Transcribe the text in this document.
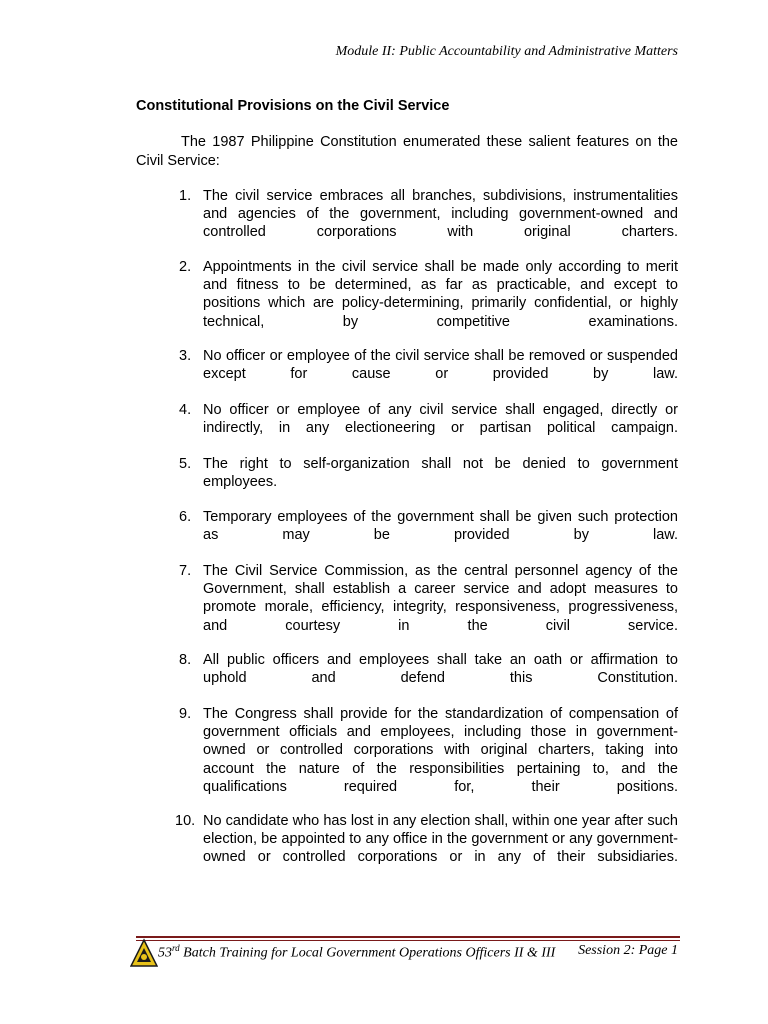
Module II: Public Accountability and Administrative Matters
Constitutional Provisions on the Civil Service

The 1987 Philippine Constitution enumerated these salient features on the Civil Service:

1. The civil service embraces all branches, subdivisions, instrumentalities and agencies of the government, including government-owned and controlled corporations with original charters.
2. Appointments in the civil service shall be made only according to merit and fitness to be determined, as far as practicable, and except to positions which are policy-determining, primarily confidential, or highly technical, by competitive examinations.
3. No officer or employee of the civil service shall be removed or suspended except for cause or provided by law.
4. No officer or employee of any civil service shall engaged, directly or indirectly, in any electioneering or partisan political campaign.
5. The right to self-organization shall not be denied to government employees.
6. Temporary employees of the government shall be given such protection as may be provided by law.
7. The Civil Service Commission, as the central personnel agency of the Government, shall establish a career service and adopt measures to promote morale, efficiency, integrity, responsiveness, progressiveness, and courtesy in the civil service.
8. All public officers and employees shall take an oath or affirmation to uphold and defend this Constitution.
9. The Congress shall provide for the standardization of compensation of government officials and employees, including those in government-owned or controlled corporations with original charters, taking into account the nature of the responsibilities pertaining to, and the qualifications required for, their positions.
10. No candidate who has lost in any election shall, within one year after such election, be appointed to any office in the government or any government-owned or controlled corporations or in any of their subsidiaries.
53rd Batch Training for Local Government Operations Officers II & III Session 2: Page 1
